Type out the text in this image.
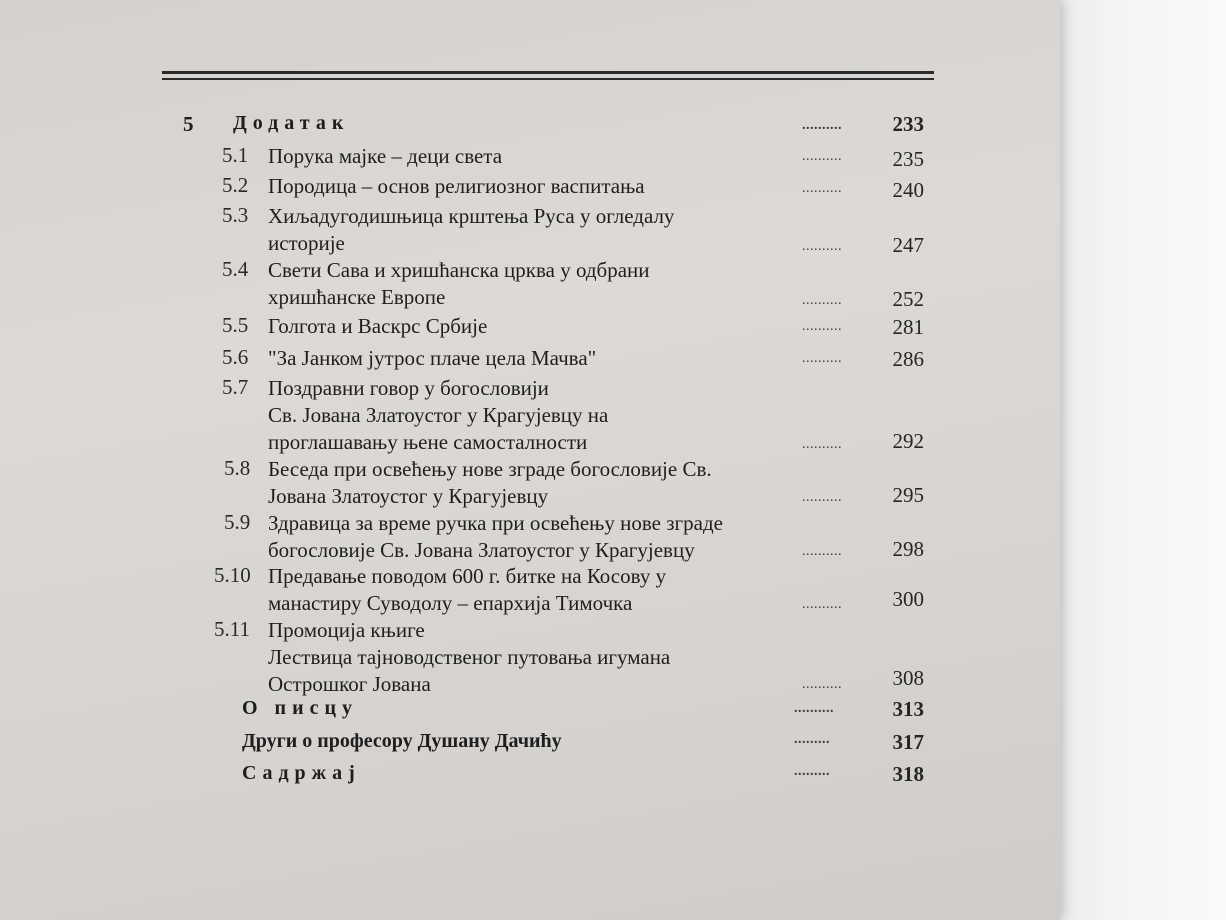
5 Додатак	.......... 233
5.1 Порука мајке – деци света	.......... 235
5.2 Породица – основ религиозног васпитања	.......... 240
5.3 Хиљадугодишњица крштења Руса у огледалу
историје	.......... 247
5.4 Свети Сава и хришћанска црква у одбрани
хришћанске Европе	.......... 252
5.5 Голгота и Васкрс Србије	.......... 281
5.6 "За Јанком јутрос плаче цела Мачва"	.......... 286
5.7 Поздравни говор у богословији
Св. Јована Златоустог у Крагујевцу на
проглашавању њене самосталности	.......... 292
5.8 Беседа при освећењу нове зграде богословије Св.
Јована Златоустог у Крагујевцу	.......... 295
5.9 Здравица за време ручка при освећењу нове зграде
богословије Св. Јована Златоустог у Крагујевцу	.......... 298
5.10 Предавање поводом 600 г. битке на Косову у
манастиру Суводолу – епархија Тимочка	.......... 300
5.11 Промоција књиге
Лествица тајноводственог путовања игумана
Острошког Јована	.......... 308
О писцу	..........	313
Други о професору Душану Дачићу	.........	317
Садржај	.........	318
